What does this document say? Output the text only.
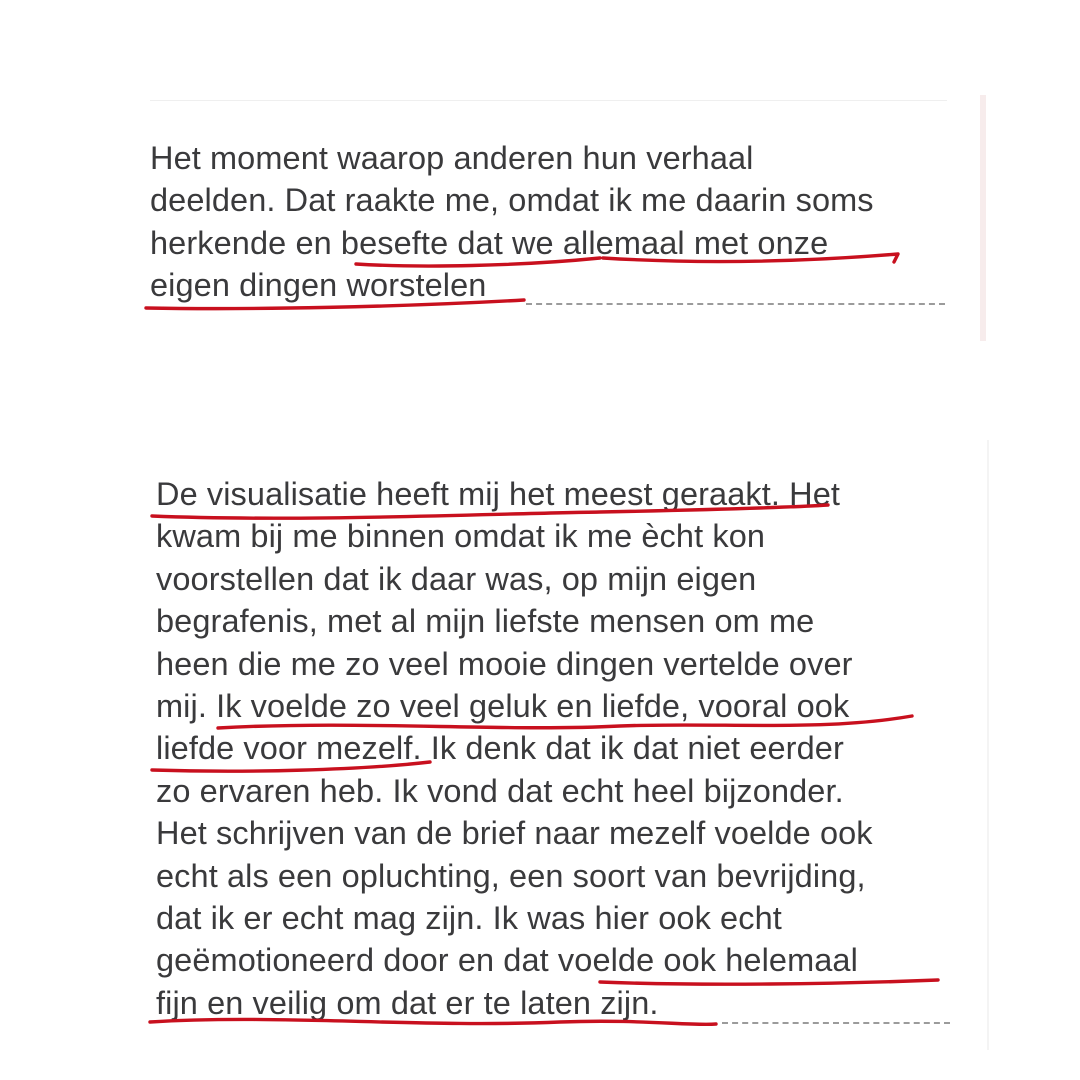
Het moment waarop anderen hun verhaal
deelden. Dat raakte me, omdat ik me daarin soms
herkende en besefte dat we allemaal met onze
eigen dingen worstelen
De visualisatie heeft mij het meest geraakt. Het
kwam bij me binnen omdat ik me ècht kon
voorstellen dat ik daar was, op mijn eigen
begrafenis, met al mijn liefste mensen om me
heen die me zo veel mooie dingen vertelde over
mij. Ik voelde zo veel geluk en liefde, vooral ook
liefde voor mezelf. Ik denk dat ik dat niet eerder
zo ervaren heb. Ik vond dat echt heel bijzonder.
Het schrijven van de brief naar mezelf voelde ook
echt als een opluchting, een soort van bevrijding,
dat ik er echt mag zijn. Ik was hier ook echt
geëmotioneerd door en dat voelde ook helemaal
fijn en veilig om dat er te laten zijn.
